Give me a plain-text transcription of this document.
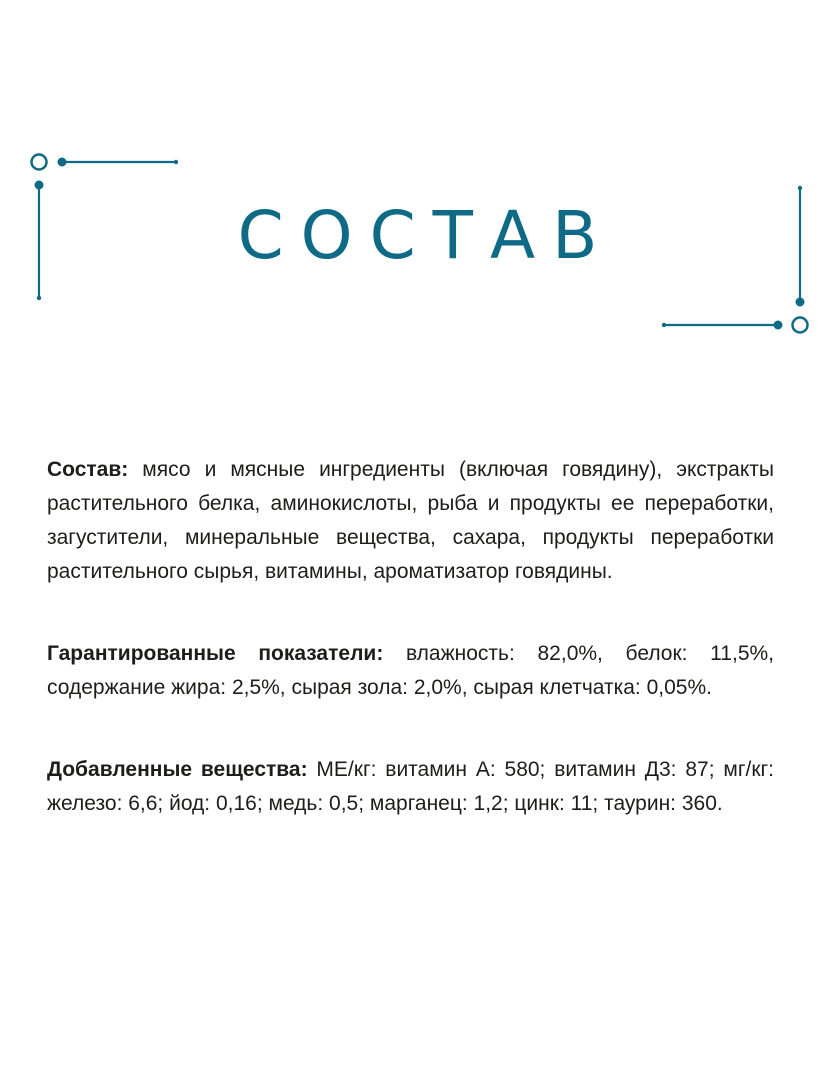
СОСТАВ

Состав: мясо и мясные ингредиенты (включая говядину), экстракты растительного белка, аминокислоты, рыба и продукты ее переработки, загустители, минеральные вещества, сахара, продукты переработки растительного сырья, витамины, ароматизатор говядины.

Гарантированные показатели: влажность: 82,0%, белок: 11,5%, содержание жира: 2,5%, сырая зола: 2,0%, сырая клетчатка: 0,05%.

Добавленные вещества: МЕ/кг: витамин А: 580; витамин Д3: 87; мг/кг: железо: 6,6; йод: 0,16; медь: 0,5; марганец: 1,2; цинк: 11; таурин: 360.
